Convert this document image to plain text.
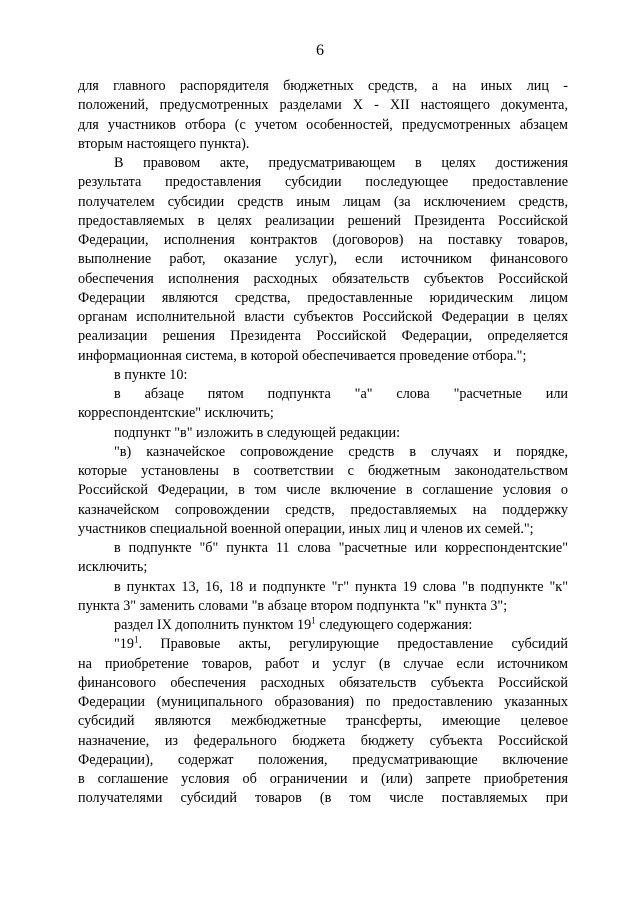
6
для главного распорядителя бюджетных средств, а на иных лиц -
положений, предусмотренных разделами X - XII настоящего документа,
для участников отбора (с учетом особенностей, предусмотренных абзацем
вторым настоящего пункта).
В правовом акте, предусматривающем в целях достижения
результата предоставления субсидии последующее предоставление
получателем субсидии средств иным лицам (за исключением средств,
предоставляемых в целях реализации решений Президента Российской
Федерации, исполнения контрактов (договоров) на поставку товаров,
выполнение работ, оказание услуг), если источником финансового
обеспечения исполнения расходных обязательств субъектов Российской
Федерации являются средства, предоставленные юридическим лицом
органам исполнительной власти субъектов Российской Федерации в целях
реализации решения Президента Российской Федерации, определяется
информационная система, в которой обеспечивается проведение отбора.";
в пункте 10:
в абзаце пятом подпункта "а" слова "расчетные или
корреспондентские" исключить;
подпункт "в" изложить в следующей редакции:
"в) казначейское сопровождение средств в случаях и порядке,
которые установлены в соответствии с бюджетным законодательством
Российской Федерации, в том числе включение в соглашение условия о
казначейском сопровождении средств, предоставляемых на поддержку
участников специальной военной операции, иных лиц и членов их семей.";
в подпункте "б" пункта 11 слова "расчетные или корреспондентские"
исключить;
в пунктах 13, 16, 18 и подпункте "г" пункта 19 слова "в подпункте "к"
пункта 3" заменить словами "в абзаце втором подпункта "к" пункта 3";
раздел IX дополнить пунктом $19^1$ следующего содержания:
"$19^1$. Правовые акты, регулирующие предоставление субсидий
на приобретение товаров, работ и услуг (в случае если источником
финансового обеспечения расходных обязательств субъекта Российской
Федерации (муниципального образования) по предоставлению указанных
субсидий являются межбюджетные трансферты, имеющие целевое
назначение, из федерального бюджета бюджету субъекта Российской
Федерации), содержат положения, предусматривающие включение
в соглашение условия об ограничении и (или) запрете приобретения
получателями субсидий товаров (в том числе поставляемых при
